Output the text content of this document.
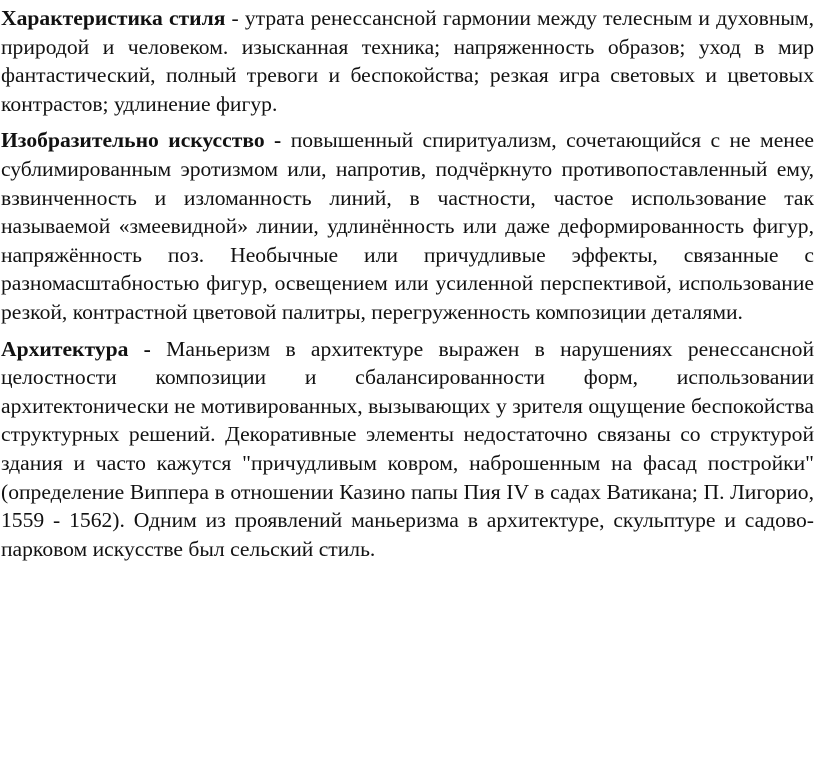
Характеристика стиля - утрата ренессансной гармонии между телесным и духовным, природой и человеком. изысканная техника; напряженность образов; уход в мир фантастический, полный тревоги и беспокойства; резкая игра световых и цветовых контрастов; удлинение фигур.

Изобразительно искусство - повышенный спиритуализм, сочетающийся с не менее сублимированным эротизмом или, напротив, подчёркнуто противопоставленный ему, взвинченность и изломанность линий, в частности, частое использование так называемой «змеевидной» линии, удлинённость или даже деформированность фигур, напряжённость поз. Необычные или причудливые эффекты, связанные с разномасштабностью фигур, освещением или усиленной перспективой, использование резкой, контрастной цветовой палитры, перегруженность композиции деталями.

Архитектура - Маньеризм в архитектуре выражен в нарушениях ренессансной целостности композиции и сбалансированности форм, использовании архитектонически не мотивированных, вызывающих у зрителя ощущение беспокойства структурных решений. Декоративные элементы недостаточно связаны со структурой здания и часто кажутся "причудливым ковром, наброшенным на фасад постройки" (определение Виппера в отношении Казино папы Пия IV в садах Ватикана; П. Лигорио, 1559 - 1562). Одним из проявлений маньеризма в архитектуре, скульптуре и садово-парковом искусстве был сельский стиль.
